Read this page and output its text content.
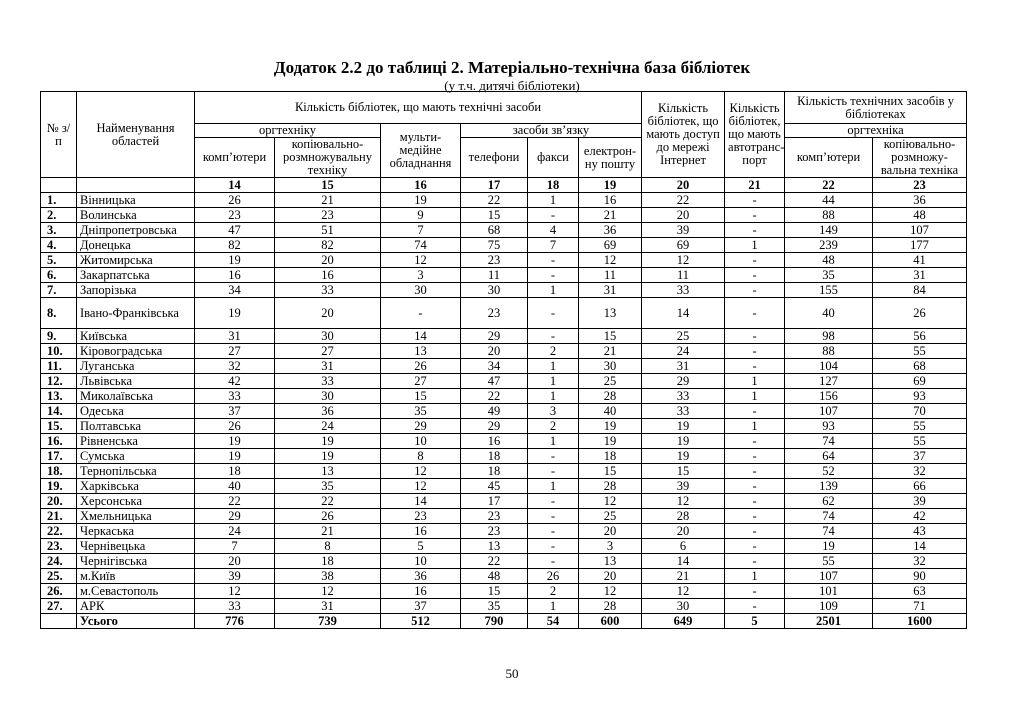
Додаток 2.2 до таблиці 2. Матеріально-технічна база бібліотек
(у т.ч. дитячі бібліотеки)
№ з/п	Найменування областей	Кількість бібліотек, що мають технічні засоби						Кількість бібліотек, що мають доступ до мережі Інтернет	Кількість бібліотек, що мають автотранс-порт	Кількість технічних засобів у бібліотеках	
		оргтехніку		мульти-медійне обладнання	засоби зв’язку					оргтехніка	
		комп’ютери	копіювально-розмножувальну техніку		телефони	факси	електрон-ну пошту			комп’ютери	копіювально-розмножу-вальна техніка
		14	15	16	17	18	19	20	21	22	23
1.	Вінницька	26	21	19	22	1	16	22	-	44	36
2.	Волинська	23	23	9	15	-	21	20	-	88	48
3.	Дніпропетровська	47	51	7	68	4	36	39	-	149	107
4.	Донецька	82	82	74	75	7	69	69	1	239	177
5.	Житомирська	19	20	12	23	-	12	12	-	48	41
6.	Закарпатська	16	16	3	11	-	11	11	-	35	31
7.	Запорізька	34	33	30	30	1	31	33	-	155	84
8.	Івано-Франківська	19	20	-	23	-	13	14	-	40	26
9.	Київська	31	30	14	29	-	15	25	-	98	56
10.	Кіровоградська	27	27	13	20	2	21	24	-	88	55
11.	Луганська	32	31	26	34	1	30	31	-	104	68
12.	Львівська	42	33	27	47	1	25	29	1	127	69
13.	Миколаївська	33	30	15	22	1	28	33	1	156	93
14.	Одеська	37	36	35	49	3	40	33	-	107	70
15.	Полтавська	26	24	29	29	2	19	19	1	93	55
16.	Рівненська	19	19	10	16	1	19	19	-	74	55
17.	Сумська	19	19	8	18	-	18	19	-	64	37
18.	Тернопільська	18	13	12	18	-	15	15	-	52	32
19.	Харківська	40	35	12	45	1	28	39	-	139	66
20.	Херсонська	22	22	14	17	-	12	12	-	62	39
21.	Хмельницька	29	26	23	23	-	25	28	-	74	42
22.	Черкаська	24	21	16	23	-	20	20	-	74	43
23.	Чернівецька	7	8	5	13	-	3	6	-	19	14
24.	Чернігівська	20	18	10	22	-	13	14	-	55	32
25.	м.Київ	39	38	36	48	26	20	21	1	107	90
26.	м.Севастополь	12	12	16	15	2	12	12	-	101	63
27.	АРК	33	31	37	35	1	28	30	-	109	71
	Усього	776	739	512	790	54	600	649	5	2501	1600
50
